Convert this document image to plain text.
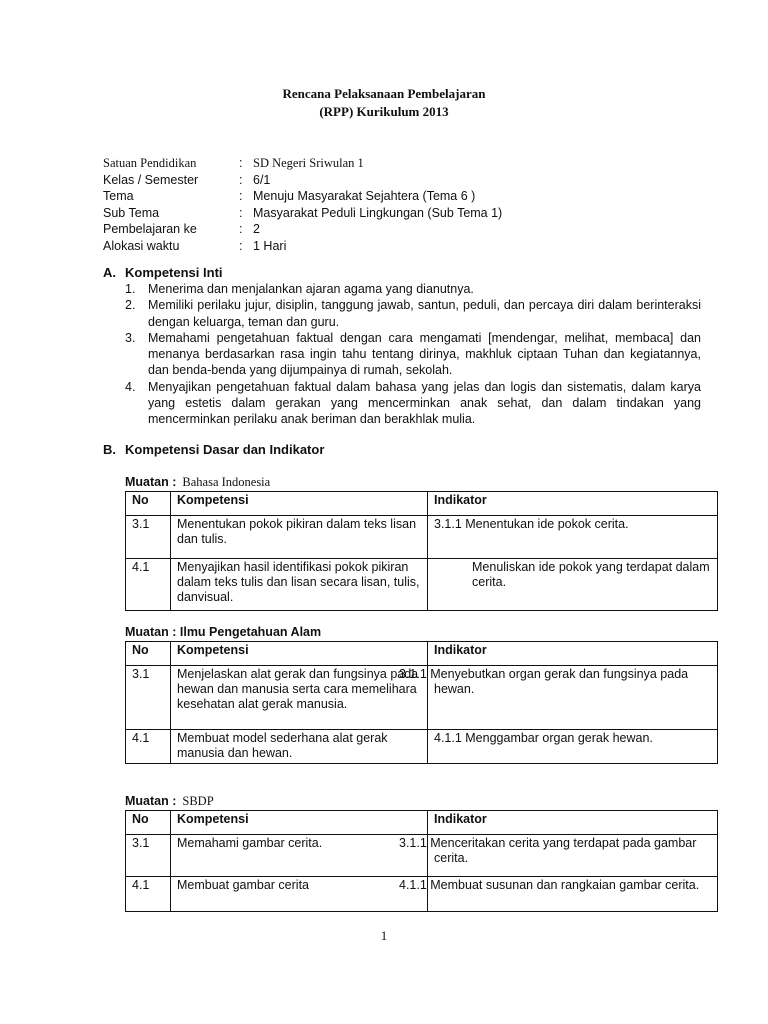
Rencana Pelaksanaan Pembelajaran
(RPP) Kurikulum 2013
Satuan Pendidikan	: SD Negeri Sriwulan 1
Kelas / Semester	: 6/1
Tema	: Menuju Masyarakat Sejahtera (Tema 6 )
Sub Tema	: Masyarakat Peduli Lingkungan (Sub Tema 1)
Pembelajaran ke	: 2
Alokasi waktu	: 1 Hari
A. Kompetensi Inti
1.	Menerima dan menjalankan ajaran agama yang dianutnya.
2.	Memiliki perilaku jujur, disiplin, tanggung jawab, santun, peduli, dan percaya diri dalam berinteraksi dengan keluarga, teman dan guru.
3.	Memahami pengetahuan faktual dengan cara mengamati [mendengar, melihat, membaca] dan menanya berdasarkan rasa ingin tahu tentang dirinya, makhluk ciptaan Tuhan dan kegiatannya, dan benda-benda yang dijumpainya di rumah, sekolah.
4.	Menyajikan pengetahuan faktual dalam bahasa yang jelas dan logis dan sistematis, dalam karya yang estetis dalam gerakan yang mencerminkan anak sehat, dan dalam tindakan yang mencerminkan perilaku anak beriman dan berakhlak mulia.
B. Kompetensi Dasar dan Indikator
Muatan : Bahasa Indonesia
No	Kompetensi	Indikator
3.1	Menentukan pokok pikiran dalam teks lisan dan tulis.	3.1.1 Menentukan ide pokok cerita.
4.1	Menyajikan hasil identifikasi pokok pikiran dalam teks tulis dan lisan secara lisan, tulis, danvisual.	Menuliskan ide pokok yang terdapat dalam cerita.
Muatan : Ilmu Pengetahuan Alam
No	Kompetensi	Indikator
3.1	Menjelaskan alat gerak dan fungsinya pada hewan dan manusia serta cara memelihara kesehatan alat gerak manusia.	3.1.1 Menyebutkan organ gerak dan fungsinya pada hewan.
4.1	Membuat model sederhana alat gerak manusia dan hewan.	4.1.1 Menggambar organ gerak hewan.
Muatan : SBDP
No	Kompetensi	Indikator
3.1	Memahami gambar cerita.	3.1.1 Menceritakan cerita yang terdapat pada gambar cerita.
4.1	Membuat gambar cerita	4.1.1 Membuat susunan dan rangkaian gambar cerita.
1
